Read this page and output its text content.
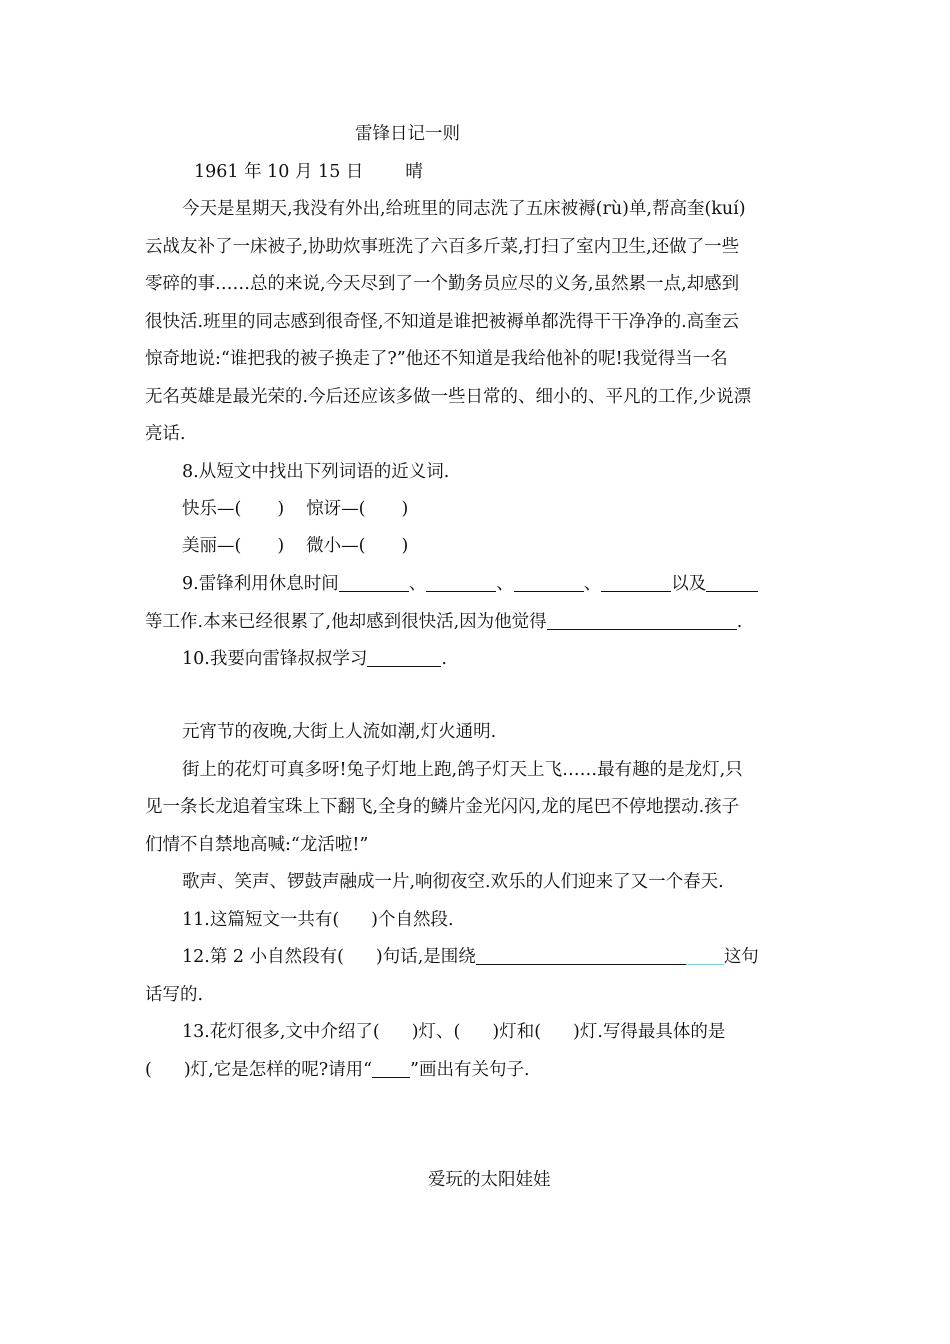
雷锋日记一则
1961 年 10 月 15 日 晴
今天是星期天,我没有外出,给班里的同志洗了五床被褥(rù)单,帮高奎(kuí)
云战友补了一床被子,协助炊事班洗了六百多斤菜,打扫了室内卫生,还做了一些
零碎的事……总的来说,今天尽到了一个勤务员应尽的义务,虽然累一点,却感到
很快活.班里的同志感到很奇怪,不知道是谁把被褥单都洗得干干净净的.高奎云
惊奇地说:“谁把我的被子换走了?”他还不知道是我给他补的呢!我觉得当一名
无名英雄是最光荣的.今后还应该多做一些日常的、细小的、平凡的工作,少说漂
亮话.
8.从短文中找出下列词语的近义词.
快乐—( ) 惊讶—( )
美丽—( ) 微小—( )
9.雷锋利用休息时间	、	、	、	以及
等工作.本来已经很累了,他却感到很快活,因为他觉得	.
10.我要向雷锋叔叔学习	.
元宵节的夜晚,大街上人流如潮,灯火通明.
街上的花灯可真多呀!兔子灯地上跑,鸽子灯天上飞……最有趣的是龙灯,只
见一条长龙追着宝珠上下翻飞,全身的鳞片金光闪闪,龙的尾巴不停地摆动.孩子
们情不自禁地高喊:“龙活啦!”
歌声、笑声、锣鼓声融成一片,响彻夜空.欢乐的人们迎来了又一个春天.
11.这篇短文一共有( )个自然段.
12.第 2 小自然段有( )句话,是围绕	这句
话写的.
13.花灯很多,文中介绍了( )灯、( )灯和( )灯.写得最具体的是
( )灯,它是怎样的呢?请用“ ”画出有关句子.
爱玩的太阳娃娃
